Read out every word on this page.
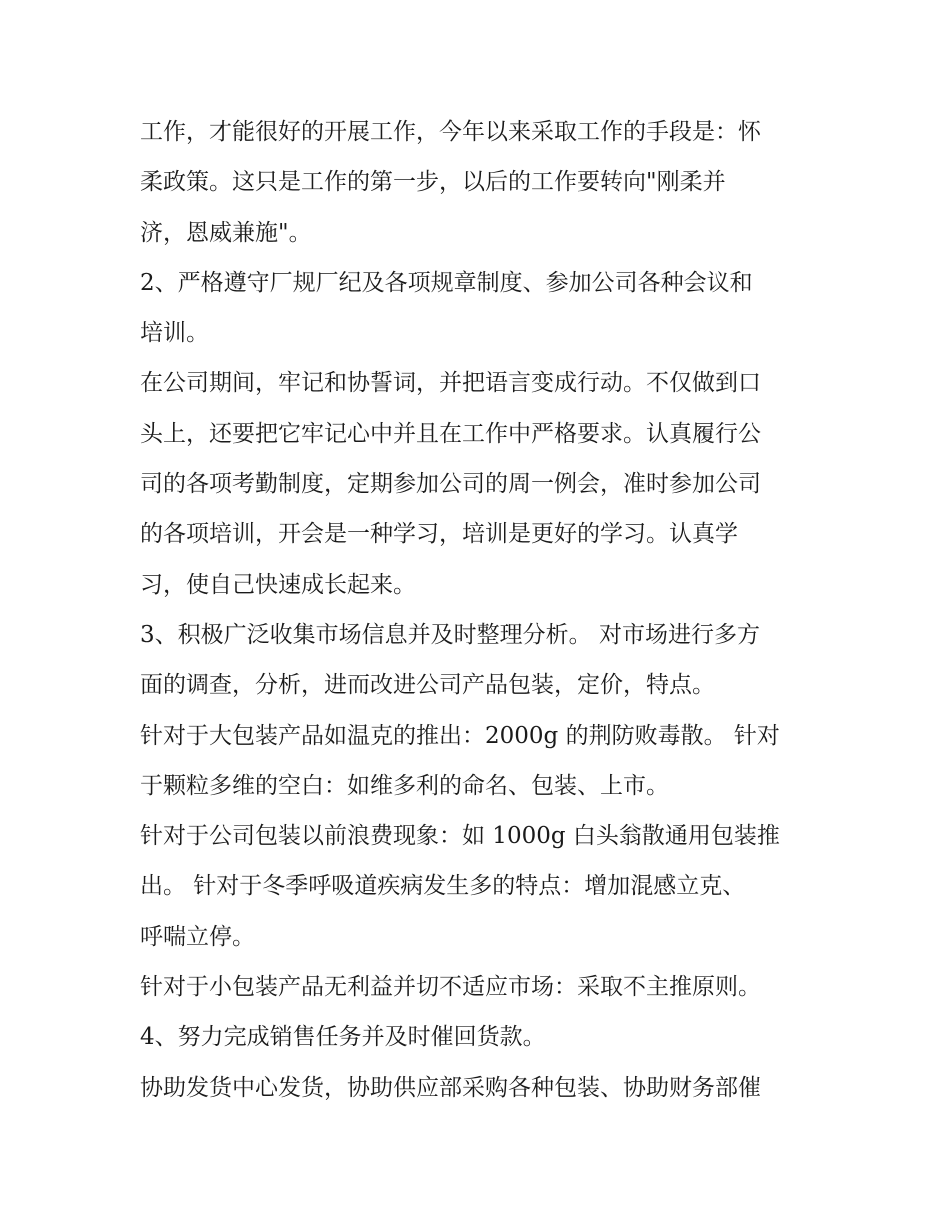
工作，才能很好的开展工作，今年以来采取工作的手段是：怀
柔政策。这只是工作的第一步，以后的工作要转向"刚柔并
济，恩威兼施"。

2、严格遵守厂规厂纪及各项规章制度、参加公司各种会议和
培训。

在公司期间，牢记和协誓词，并把语言变成行动。不仅做到口
头上，还要把它牢记心中并且在工作中严格要求。认真履行公
司的各项考勤制度，定期参加公司的周一例会，准时参加公司
的各项培训，开会是一种学习，培训是更好的学习。认真学
习，使自己快速成长起来。

3、积极广泛收集市场信息并及时整理分析。 对市场进行多方
面的调查，分析，进而改进公司产品包装，定价，特点。

针对于大包装产品如温克的推出：2000g 的荆防败毒散。 针对
于颗粒多维的空白：如维多利的命名、包装、上市。

针对于公司包装以前浪费现象：如 1000g 白头翁散通用包装推
出。 针对于冬季呼吸道疾病发生多的特点：增加混感立克、
呼喘立停。

针对于小包装产品无利益并切不适应市场：采取不主推原则。

4、努力完成销售任务并及时催回货款。

协助发货中心发货，协助供应部采购各种包装、协助财务部催
